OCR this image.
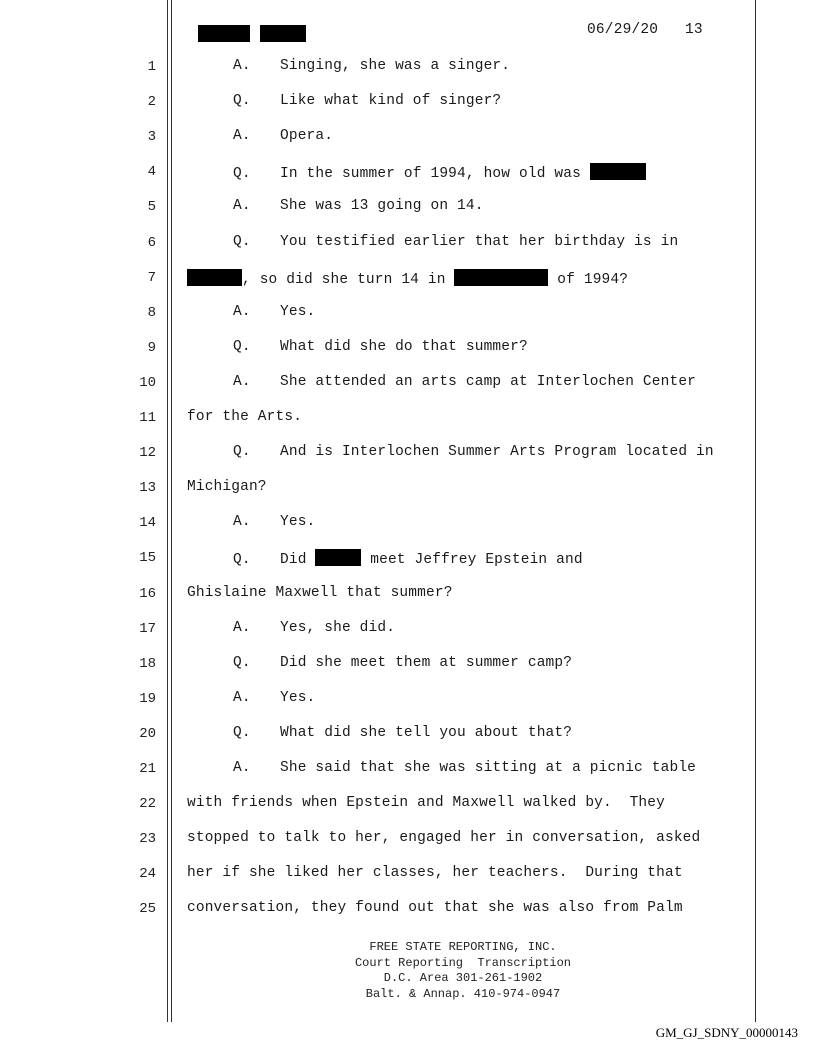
06/29/20 13
1	A. Singing, she was a singer.
2	Q. Like what kind of singer?
3	A. Opera.
4	Q. In the summer of 1994, how old was
5	A. She was 13 going on 14.
6	Q. You testified earlier that her birthday is in
7	, so did she turn 14 in	of 1994?
8	A. Yes.
9	Q. What did she do that summer?
10	A. She attended an arts camp at Interlochen Center
11 for the Arts.
12	Q. And is Interlochen Summer Arts Program located in
13 Michigan?
14	A. Yes.
15	Q. Did	meet Jeffrey Epstein and
16 Ghislaine Maxwell that summer?
17	A. Yes, she did.
18	Q. Did she meet them at summer camp?
19	A. Yes.
20	Q. What did she tell you about that?
21	A. She said that she was sitting at a picnic table
22 with friends when Epstein and Maxwell walked by.  They
23 stopped to talk to her, engaged her in conversation, asked
24 her if she liked her classes, her teachers.  During that
25 conversation, they found out that she was also from Palm
FREE STATE REPORTING, INC.
Court Reporting  Transcription
D.C. Area 301-261-1902
Balt. & Annap. 410-974-0947
GM_GJ_SDNY_00000143
